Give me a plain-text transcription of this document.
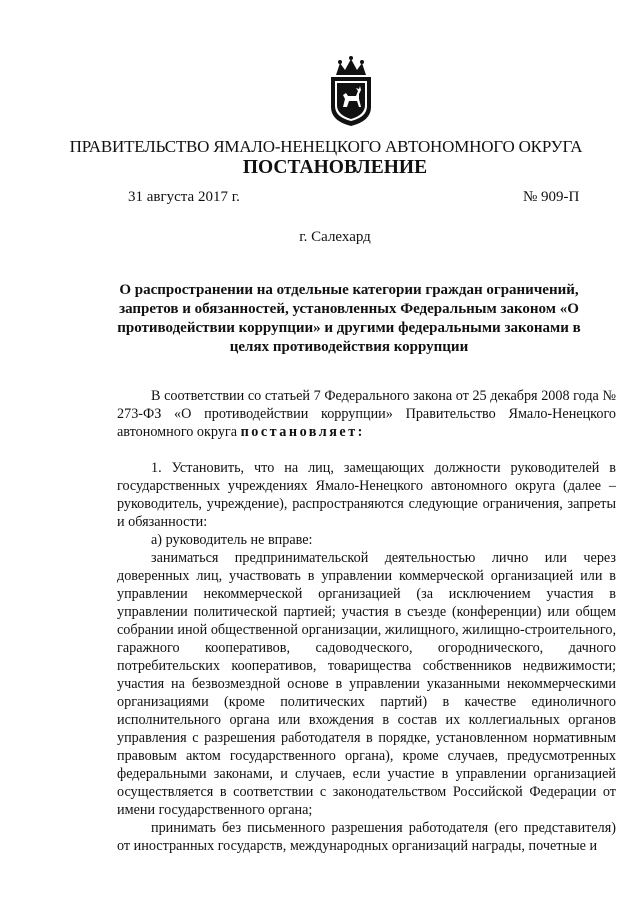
ПРАВИТЕЛЬСТВО ЯМАЛО-НЕНЕЦКОГО АВТОНОМНОГО ОКРУГА
ПОСТАНОВЛЕНИЕ
31 августа 2017 г.	№ 909-П
г. Салехард
О распространении на отдельные категории граждан ограничений, запретов и обязанностей, установленных Федеральным законом «О противодействии коррупции» и другими федеральными законами в целях противодействия коррупции

В соответствии со статьей 7 Федерального закона от 25 декабря 2008 года № 273-ФЗ «О противодействии коррупции» Правительство Ямало-Ненецкого автономного округа постановляет:

1. Установить, что на лиц, замещающих должности руководителей в государственных учреждениях Ямало-Ненецкого автономного округа (далее – руководитель, учреждение), распространяются следующие ограничения, запреты и обязанности:

а) руководитель не вправе:

заниматься предпринимательской деятельностью лично или через доверенных лиц, участвовать в управлении коммерческой организацией или в управлении некоммерческой организацией (за исключением участия в управлении политической партией; участия в съезде (конференции) или общем собрании иной общественной организации, жилищного, жилищно-строительного, гаражного кооперативов, садоводческого, огороднического, дачного потребительских кооперативов, товарищества собственников недвижимости; участия на безвозмездной основе в управлении указанными некоммерческими организациями (кроме политических партий) в качестве единоличного исполнительного органа или вхождения в состав их коллегиальных органов управления с разрешения работодателя в порядке, установленном нормативным правовым актом государственного органа), кроме случаев, предусмотренных федеральными законами, и случаев, если участие в управлении организацией осуществляется в соответствии с законодательством Российской Федерации от имени государственного органа;

принимать без письменного разрешения работодателя (его представителя) от иностранных государств, международных организаций награды, почетные и
